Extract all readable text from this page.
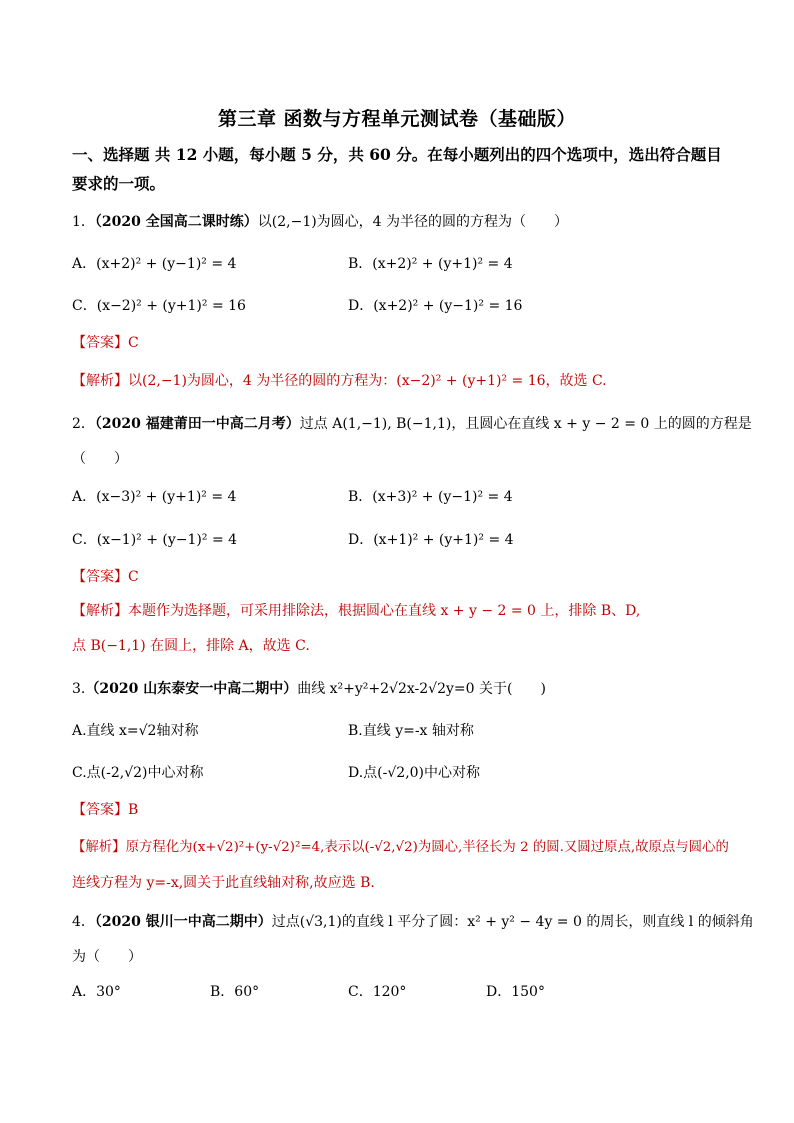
第三章 函数与方程单元测试卷（基础版）
一、选择题 共 12 小题，每小题 5 分，共 60 分。在每小题列出的四个选项中，选出符合题目
要求的一项。
1．（2020 全国高二课时练）以(2,−1)为圆心，4 为半径的圆的方程为（　　）
A．(x+2)² + (y−1)² = 4	B．(x+2)² + (y+1)² = 4
C．(x−2)² + (y+1)² = 16	D．(x+2)² + (y−1)² = 16
【答案】C
【解析】以(2,−1)为圆心，4 为半径的圆的方程为：(x−2)² + (y+1)² = 16，故选 C.
2．（2020 福建莆田一中高二月考）过点 A(1,−1), B(−1,1)，且圆心在直线 x + y − 2 = 0 上的圆的方程是
（　　）
A．(x−3)² + (y+1)² = 4	B．(x+3)² + (y−1)² = 4
C．(x−1)² + (y−1)² = 4	D．(x+1)² + (y+1)² = 4
【答案】C
【解析】本题作为选择题，可采用排除法，根据圆心在直线 x + y − 2 = 0 上，排除 B、D,
点 B(−1,1) 在圆上，排除 A，故选 C.
3.（2020 山东泰安一中高二期中）曲线 x²+y²+2√2x-2√2y=0 关于(　　)
A.直线 x=√2轴对称	B.直线 y=-x 轴对称
C.点(-2,√2)中心对称	D.点(-√2,0)中心对称
【答案】B
【解析】原方程化为(x+√2)²+(y-√2)²=4,表示以(-√2,√2)为圆心,半径长为 2 的圆.又圆过原点,故原点与圆心的
连线方程为 y=-x,圆关于此直线轴对称,故应选 B.
4．（2020 银川一中高二期中）过点(√3,1)的直线 l 平分了圆：x² + y² − 4y = 0 的周长，则直线 l 的倾斜角
为（　　）
A．30°	B．60°	C．120°	D．150°
